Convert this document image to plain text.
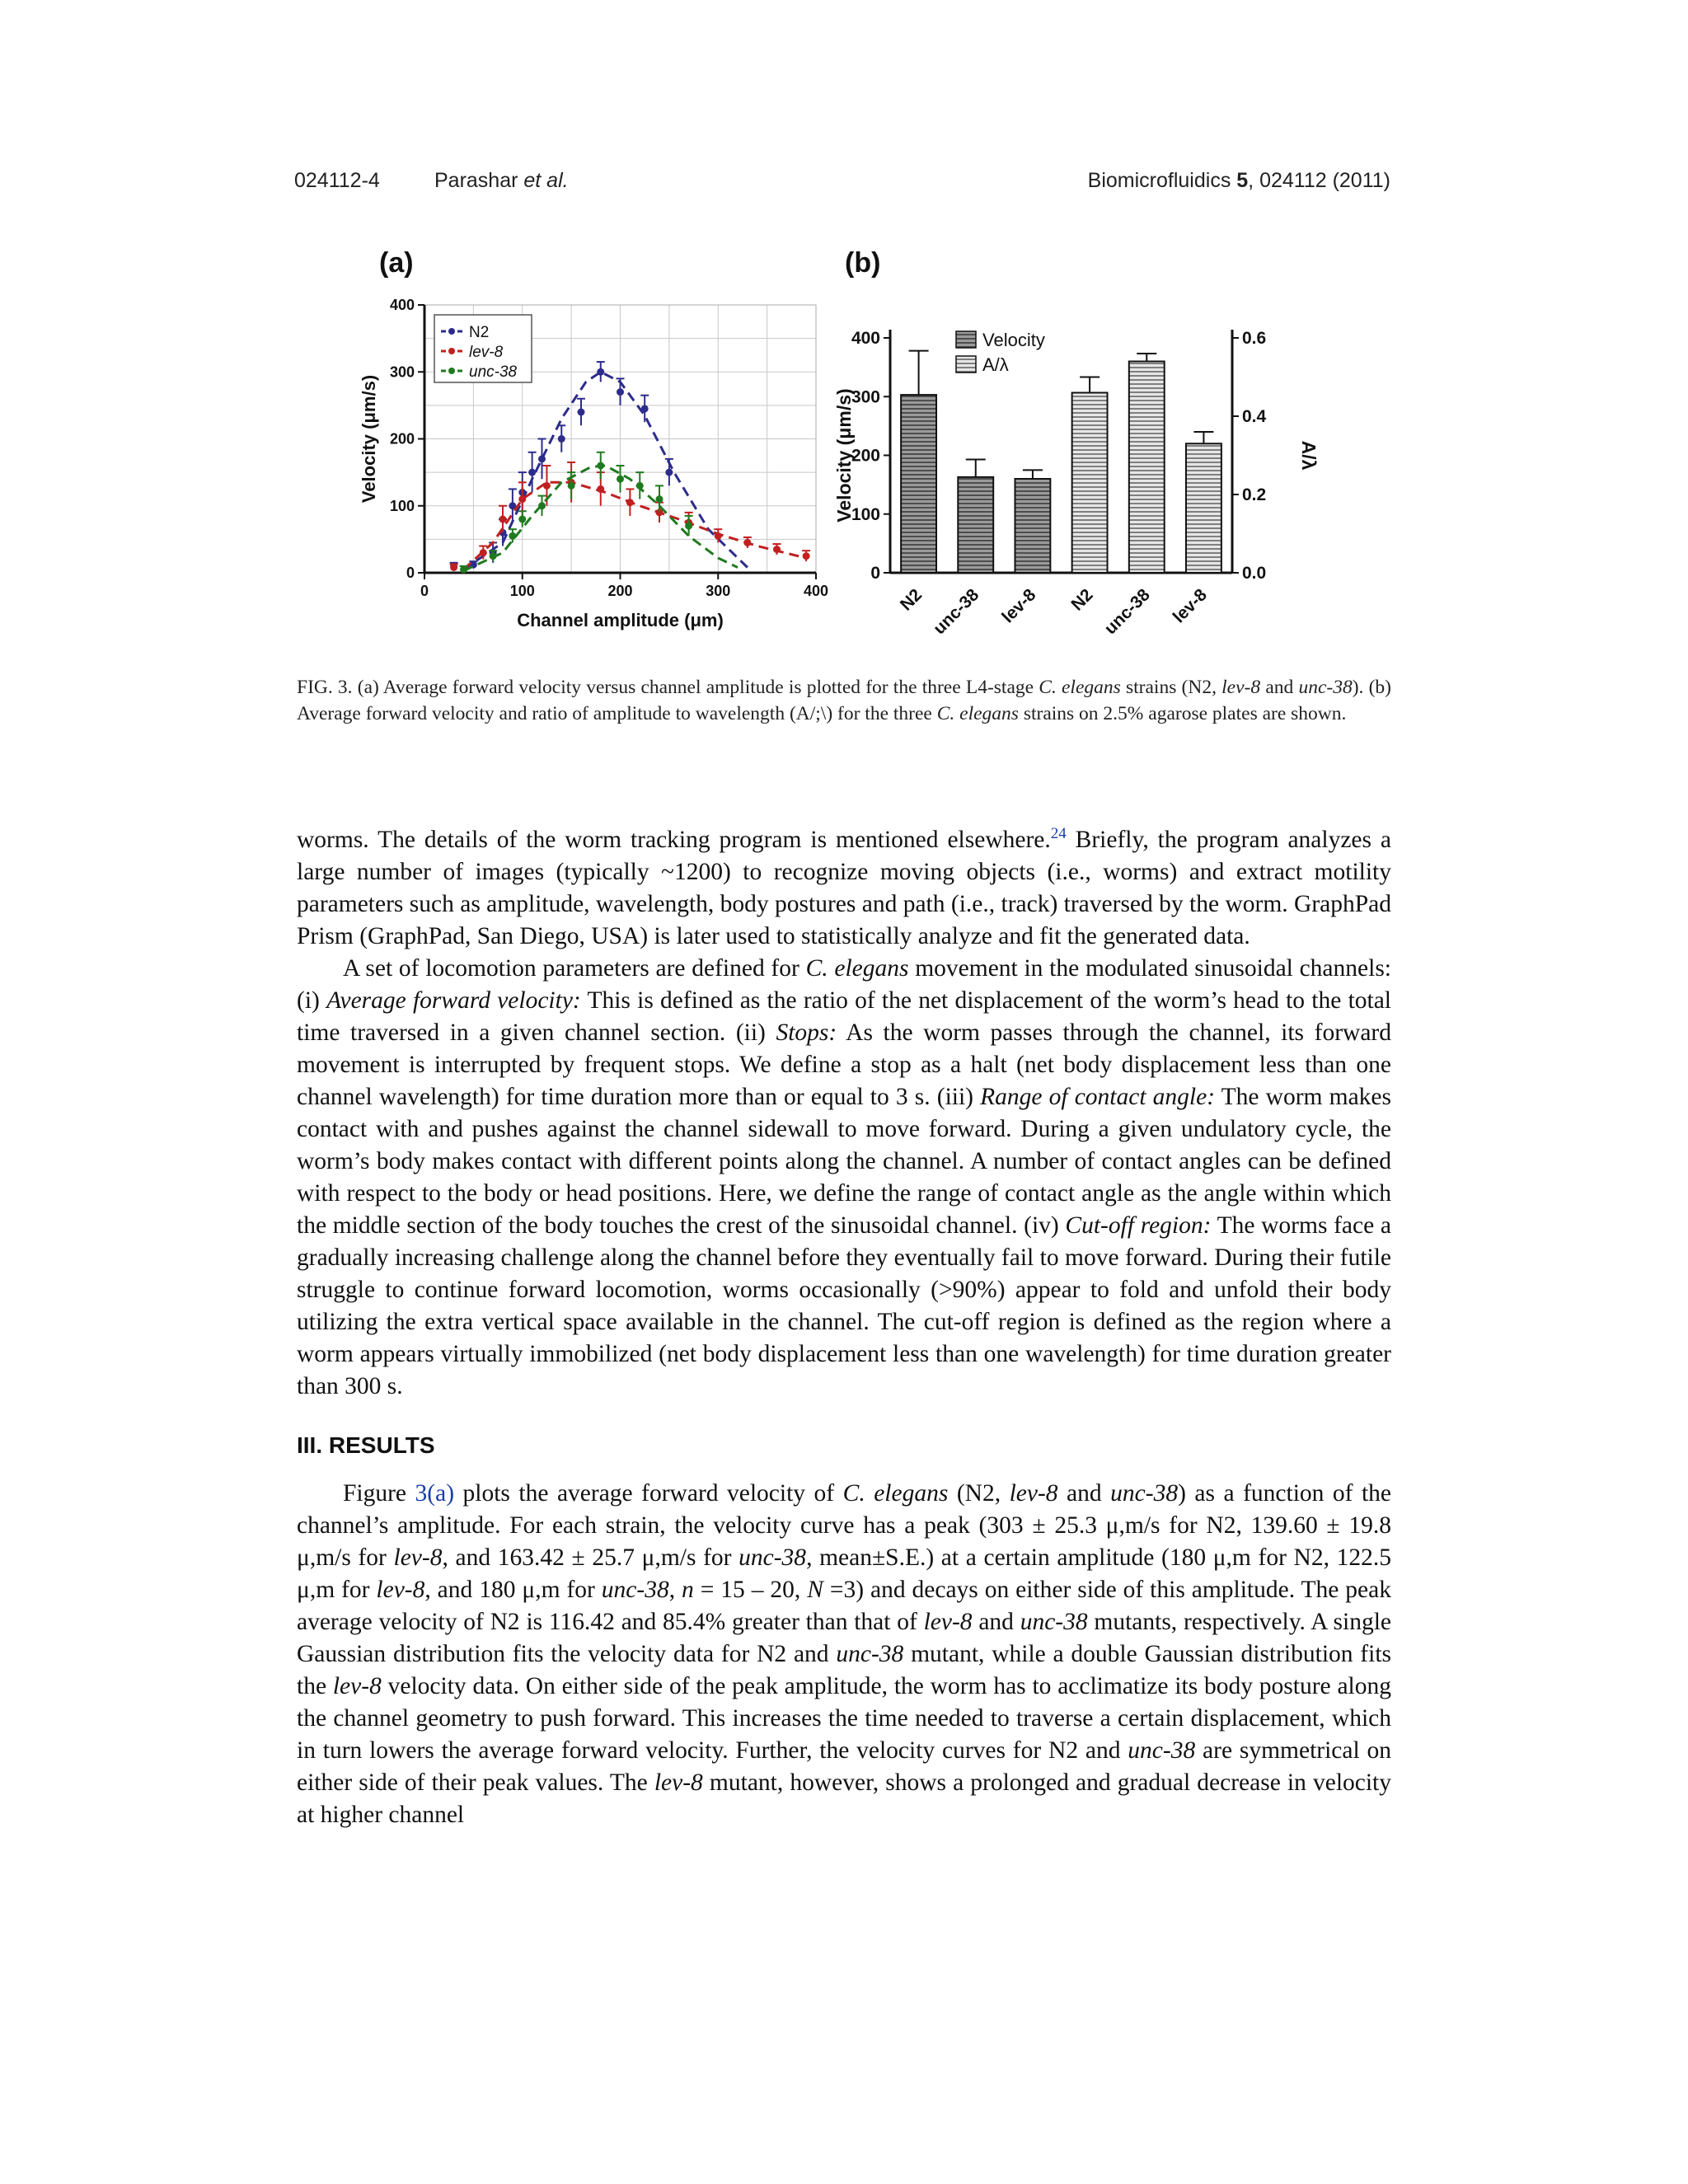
024112-4	Parashar et al.	Biomicrofluidics 5, 024112 (2011)
(a)
0	100	200	300	400
0
100
200
300
400
Channel amplitude (μm)
Velocity (μm/s)
N2
lev-8
unc-38
(b)
0
100
200
300
400
0.0
0.2
0.4
0.6
Velocity (μm/s)	A/λ
N2 unc-38 lev-8 N2 unc-38 lev-8
Velocity
A/λ
FIG. 3. (a) Average forward velocity versus channel amplitude is plotted for the three L4-stage C. elegans strains (N2, lev-8 and unc-38). (b) Average forward velocity and ratio of amplitude to wavelength (A/;\) for the three C. elegans strains on 2.5% agarose plates are shown.

worms. The details of the worm tracking program is mentioned elsewhere.$^{24}$ Briefly, the program analyzes a large number of images (typically ~1200) to recognize moving objects (i.e., worms) and extract motility parameters such as amplitude, wavelength, body postures and path (i.e., track) traversed by the worm. GraphPad Prism (GraphPad, San Diego, USA) is later used to statistically analyze and fit the generated data.

A set of locomotion parameters are defined for C. elegans movement in the modulated sinusoidal channels: (i) Average forward velocity: This is defined as the ratio of the net displacement of the worm’s head to the total time traversed in a given channel section. (ii) Stops: As the worm passes through the channel, its forward movement is interrupted by frequent stops. We define a stop as a halt (net body displacement less than one channel wavelength) for time duration more than or equal to 3 s. (iii) Range of contact angle: The worm makes contact with and pushes against the channel sidewall to move forward. During a given undulatory cycle, the worm’s body makes contact with different points along the channel. A number of contact angles can be defined with respect to the body or head positions. Here, we define the range of contact angle as the angle within which the middle section of the body touches the crest of the sinusoidal channel. (iv) Cut-off region: The worms face a gradually increasing challenge along the channel before they eventually fail to move forward. During their futile struggle to continue forward locomotion, worms occasionally (>90%) appear to fold and unfold their body utilizing the extra vertical space available in the channel. The cut-off region is defined as the region where a worm appears virtually immobilized (net body displacement less than one wavelength) for time duration greater than 300 s.

III. RESULTS

Figure 3(a) plots the average forward velocity of C. elegans (N2, lev-8 and unc-38) as a function of the channel’s amplitude. For each strain, the velocity curve has a peak (303 ± 25.3 μ,m/s for N2, 139.60 ± 19.8 μ,m/s for lev-8, and 163.42 ± 25.7 μ,m/s for unc-38, mean±S.E.) at a certain amplitude (180 μ,m for N2, 122.5 μ,m for lev-8, and 180 μ,m for unc-38, n = 15 – 20, N =3) and decays on either side of this amplitude. The peak average velocity of N2 is 116.42 and 85.4% greater than that of lev-8 and unc-38 mutants, respectively. A single Gaussian distribution fits the velocity data for N2 and unc-38 mutant, while a double Gaussian distribution fits the lev-8 velocity data. On either side of the peak amplitude, the worm has to acclimatize its body posture along the channel geometry to push forward. This increases the time needed to traverse a certain displacement, which in turn lowers the average forward velocity. Further, the velocity curves for N2 and unc-38 are symmetrical on either side of their peak values. The lev-8 mutant, however, shows a prolonged and gradual decrease in velocity at higher channel
